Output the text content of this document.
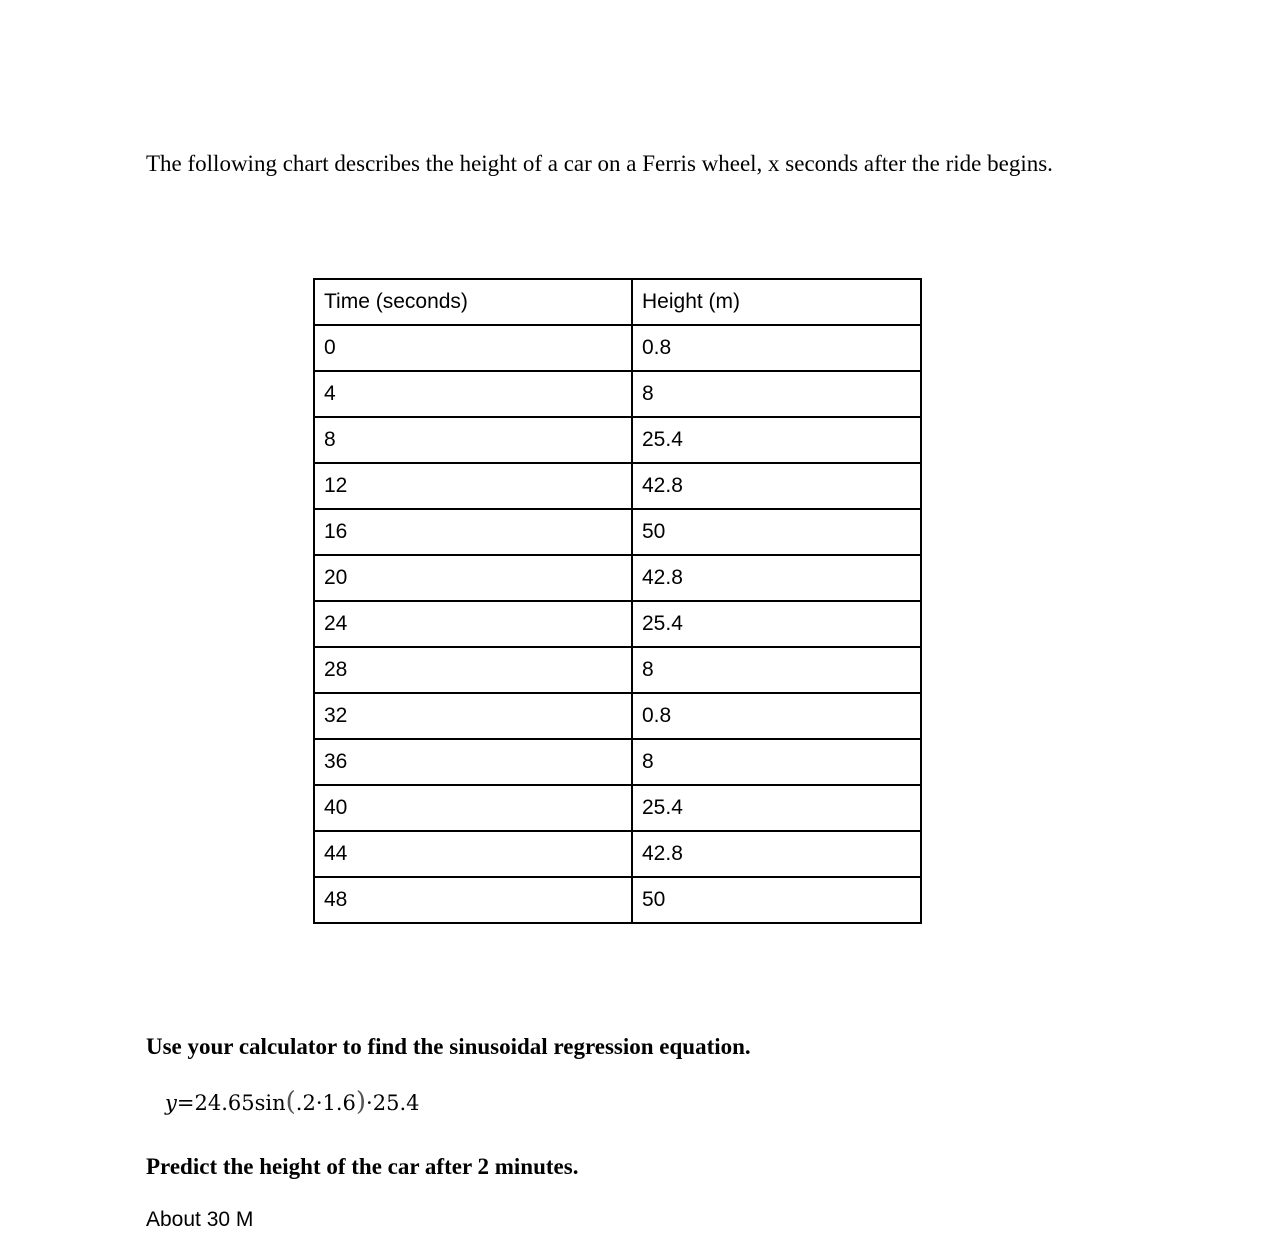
The following chart describes the height of a car on a Ferris wheel, x seconds after the ride begins.

Time (seconds)	Height (m)
0	0.8
4	8
8	25.4
12	42.8
16	50
20	42.8
24	25.4
28	8
32	0.8
36	8
40	25.4
44	42.8
48	50

Use your calculator to find the sinusoidal regression equation.

y=24.65sin(.2·1.6)·25.4

Predict the height of the car after 2 minutes.

About 30 M
